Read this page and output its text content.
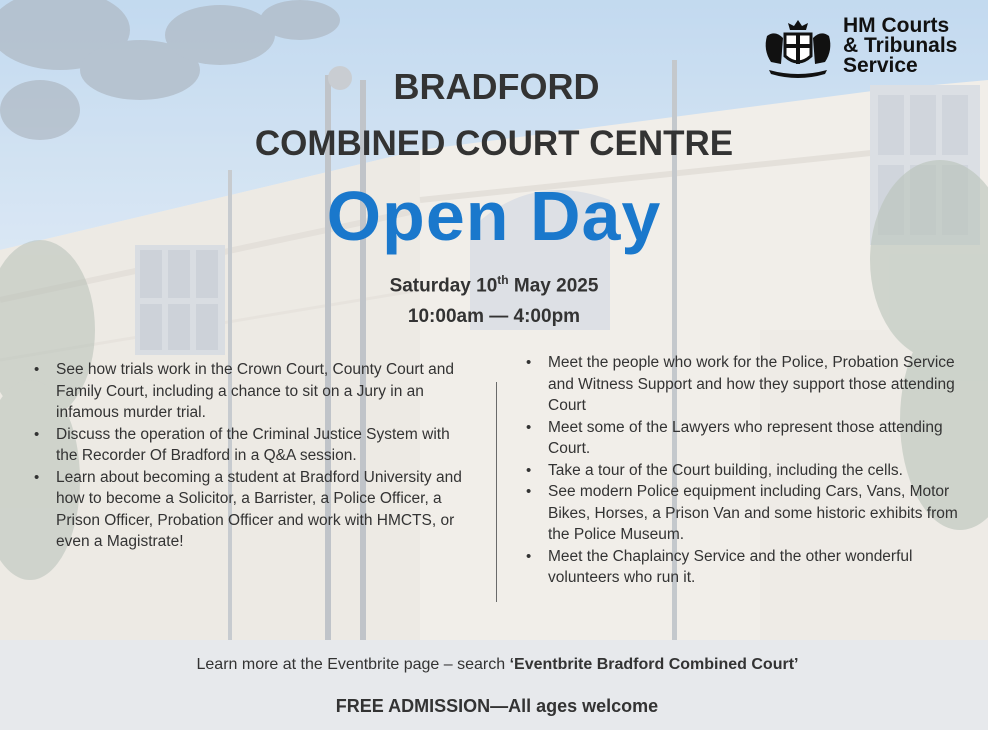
HM Courts
& Tribunals
Service
BRADFORD
COMBINED COURT CENTRE
Open Day
Saturday 10th May 2025
10:00am — 4:00pm
• See how trials work in the Crown Court, County Court and Family Court, including a chance to sit on a Jury in an infamous murder trial.
• Discuss the operation of the Criminal Justice System with the Recorder Of Bradford in a Q&A session.
• Learn about becoming a student at Bradford University and how to become a Solicitor, a Barrister, a Police Officer, a Prison Officer, Probation Officer and work with HMCTS, or even a Magistrate!
• Meet the people who work for the Police, Probation Service and Witness Support and how they support those attending Court
• Meet some of the Lawyers who represent those attending Court.
• Take a tour of the Court building, including the cells.
• See modern Police equipment including Cars, Vans, Motor Bikes, Horses, a Prison Van and some historic exhibits from the Police Museum.
• Meet the Chaplaincy Service and the other wonderful volunteers who run it.
Learn more at the Eventbrite page – search ‘Eventbrite Bradford Combined Court’
FREE ADMISSION—All ages welcome
